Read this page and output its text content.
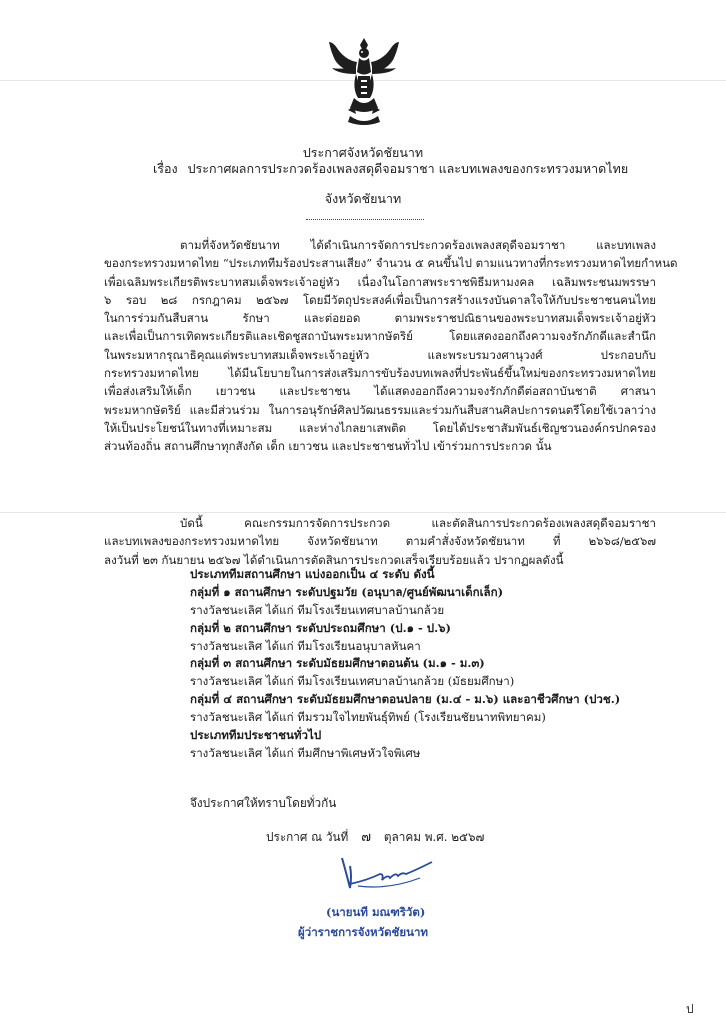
ประกาศจังหวัดชัยนาท
เรื่อง ประกาศผลการประกวดร้องเพลงสดุดีจอมราชา และบทเพลงของกระทรวงมหาดไทย
จังหวัดชัยนาท
ตามที่จังหวัดชัยนาท ได้ดำเนินการจัดการประกวดร้องเพลงสดุดีจอมราชา และบทเพลง
ของกระทรวงมหาดไทย “ประเภททีมร้องประสานเสียง” จำนวน ๕ คนขึ้นไป ตามแนวทางที่กระทรวงมหาดไทยกำหนด
เพื่อเฉลิมพระเกียรติพระบาทสมเด็จพระเจ้าอยู่หัว เนื่องในโอกาสพระราชพิธีมหามงคล เฉลิมพระชนมพรรษา
๖ รอบ ๒๘ กรกฎาคม ๒๕๖๗ โดยมีวัตถุประสงค์เพื่อเป็นการสร้างแรงบันดาลใจให้กับประชาชนคนไทย
ในการร่วมกันสืบสาน รักษา และต่อยอด ตามพระราชปณิธานของพระบาทสมเด็จพระเจ้าอยู่หัว
และเพื่อเป็นการเทิดพระเกียรติและเชิดชูสถาบันพระมหากษัตริย์ โดยแสดงออกถึงความจงรักภักดีและสำนึก
ในพระมหากรุณาธิคุณแด่พระบาทสมเด็จพระเจ้าอยู่หัว และพระบรมวงศานุวงศ์ ประกอบกับ
กระทรวงมหาดไทย ได้มีนโยบายในการส่งเสริมการขับร้องบทเพลงที่ประพันธ์ขึ้นใหม่ของกระทรวงมหาดไทย
เพื่อส่งเสริมให้เด็ก เยาวชน และประชาชน ได้แสดงออกถึงความจงรักภักดีต่อสถาบันชาติ ศาสนา
พระมหากษัตริย์ และมีส่วนร่วม ในการอนุรักษ์ศิลปวัฒนธรรมและร่วมกันสืบสานศิลปะการดนตรีโดยใช้เวลาว่าง
ให้เป็นประโยชน์ในทางที่เหมาะสม และห่างไกลยาเสพติด โดยได้ประชาสัมพันธ์เชิญชวนองค์กรปกครอง
ส่วนท้องถิ่น สถานศึกษาทุกสังกัด เด็ก เยาวชน และประชาชนทั่วไป เข้าร่วมการประกวด นั้น
บัดนี้ คณะกรรมการจัดการประกวด และตัดสินการประกวดร้องเพลงสดุดีจอมราชา
และบทเพลงของกระทรวงมหาดไทย จังหวัดชัยนาท ตามคำสั่งจังหวัดชัยนาท ที่ ๒๖๖๘/๒๕๖๗
ลงวันที่ ๒๓ กันยายน ๒๕๖๗ ได้ดำเนินการตัดสินการประกวดเสร็จเรียบร้อยแล้ว ปรากฏผลดังนี้
ประเภททีมสถานศึกษา แบ่งออกเป็น ๔ ระดับ ดังนี้
กลุ่มที่ ๑ สถานศึกษา ระดับปฐมวัย (อนุบาล/ศูนย์พัฒนาเด็กเล็ก)
รางวัลชนะเลิศ ได้แก่ ทีมโรงเรียนเทศบาลบ้านกล้วย
กลุ่มที่ ๒ สถานศึกษา ระดับประถมศึกษา (ป.๑ - ป.๖)
รางวัลชนะเลิศ ได้แก่ ทีมโรงเรียนอนุบาลหันคา
กลุ่มที่ ๓ สถานศึกษา ระดับมัธยมศึกษาตอนต้น (ม.๑ - ม.๓)
รางวัลชนะเลิศ ได้แก่ ทีมโรงเรียนเทศบาลบ้านกล้วย (มัธยมศึกษา)
กลุ่มที่ ๔ สถานศึกษา ระดับมัธยมศึกษาตอนปลาย (ม.๔ - ม.๖) และอาชีวศึกษา (ปวช.)
รางวัลชนะเลิศ ได้แก่ ทีมรวมใจไทยพันธุ์ทิพย์ (โรงเรียนชัยนาทพิทยาคม)
ประเภททีมประชาชนทั่วไป
รางวัลชนะเลิศ ได้แก่ ทีมศึกษาพิเศษหัวใจพิเศษ
จึงประกาศให้ทราบโดยทั่วกัน
ประกาศ ณ วันที่ ๗ ตุลาคม พ.ศ. ๒๕๖๗
(นายนที มณฑริวัต)
ผู้ว่าราชการจังหวัดชัยนาท
ป
